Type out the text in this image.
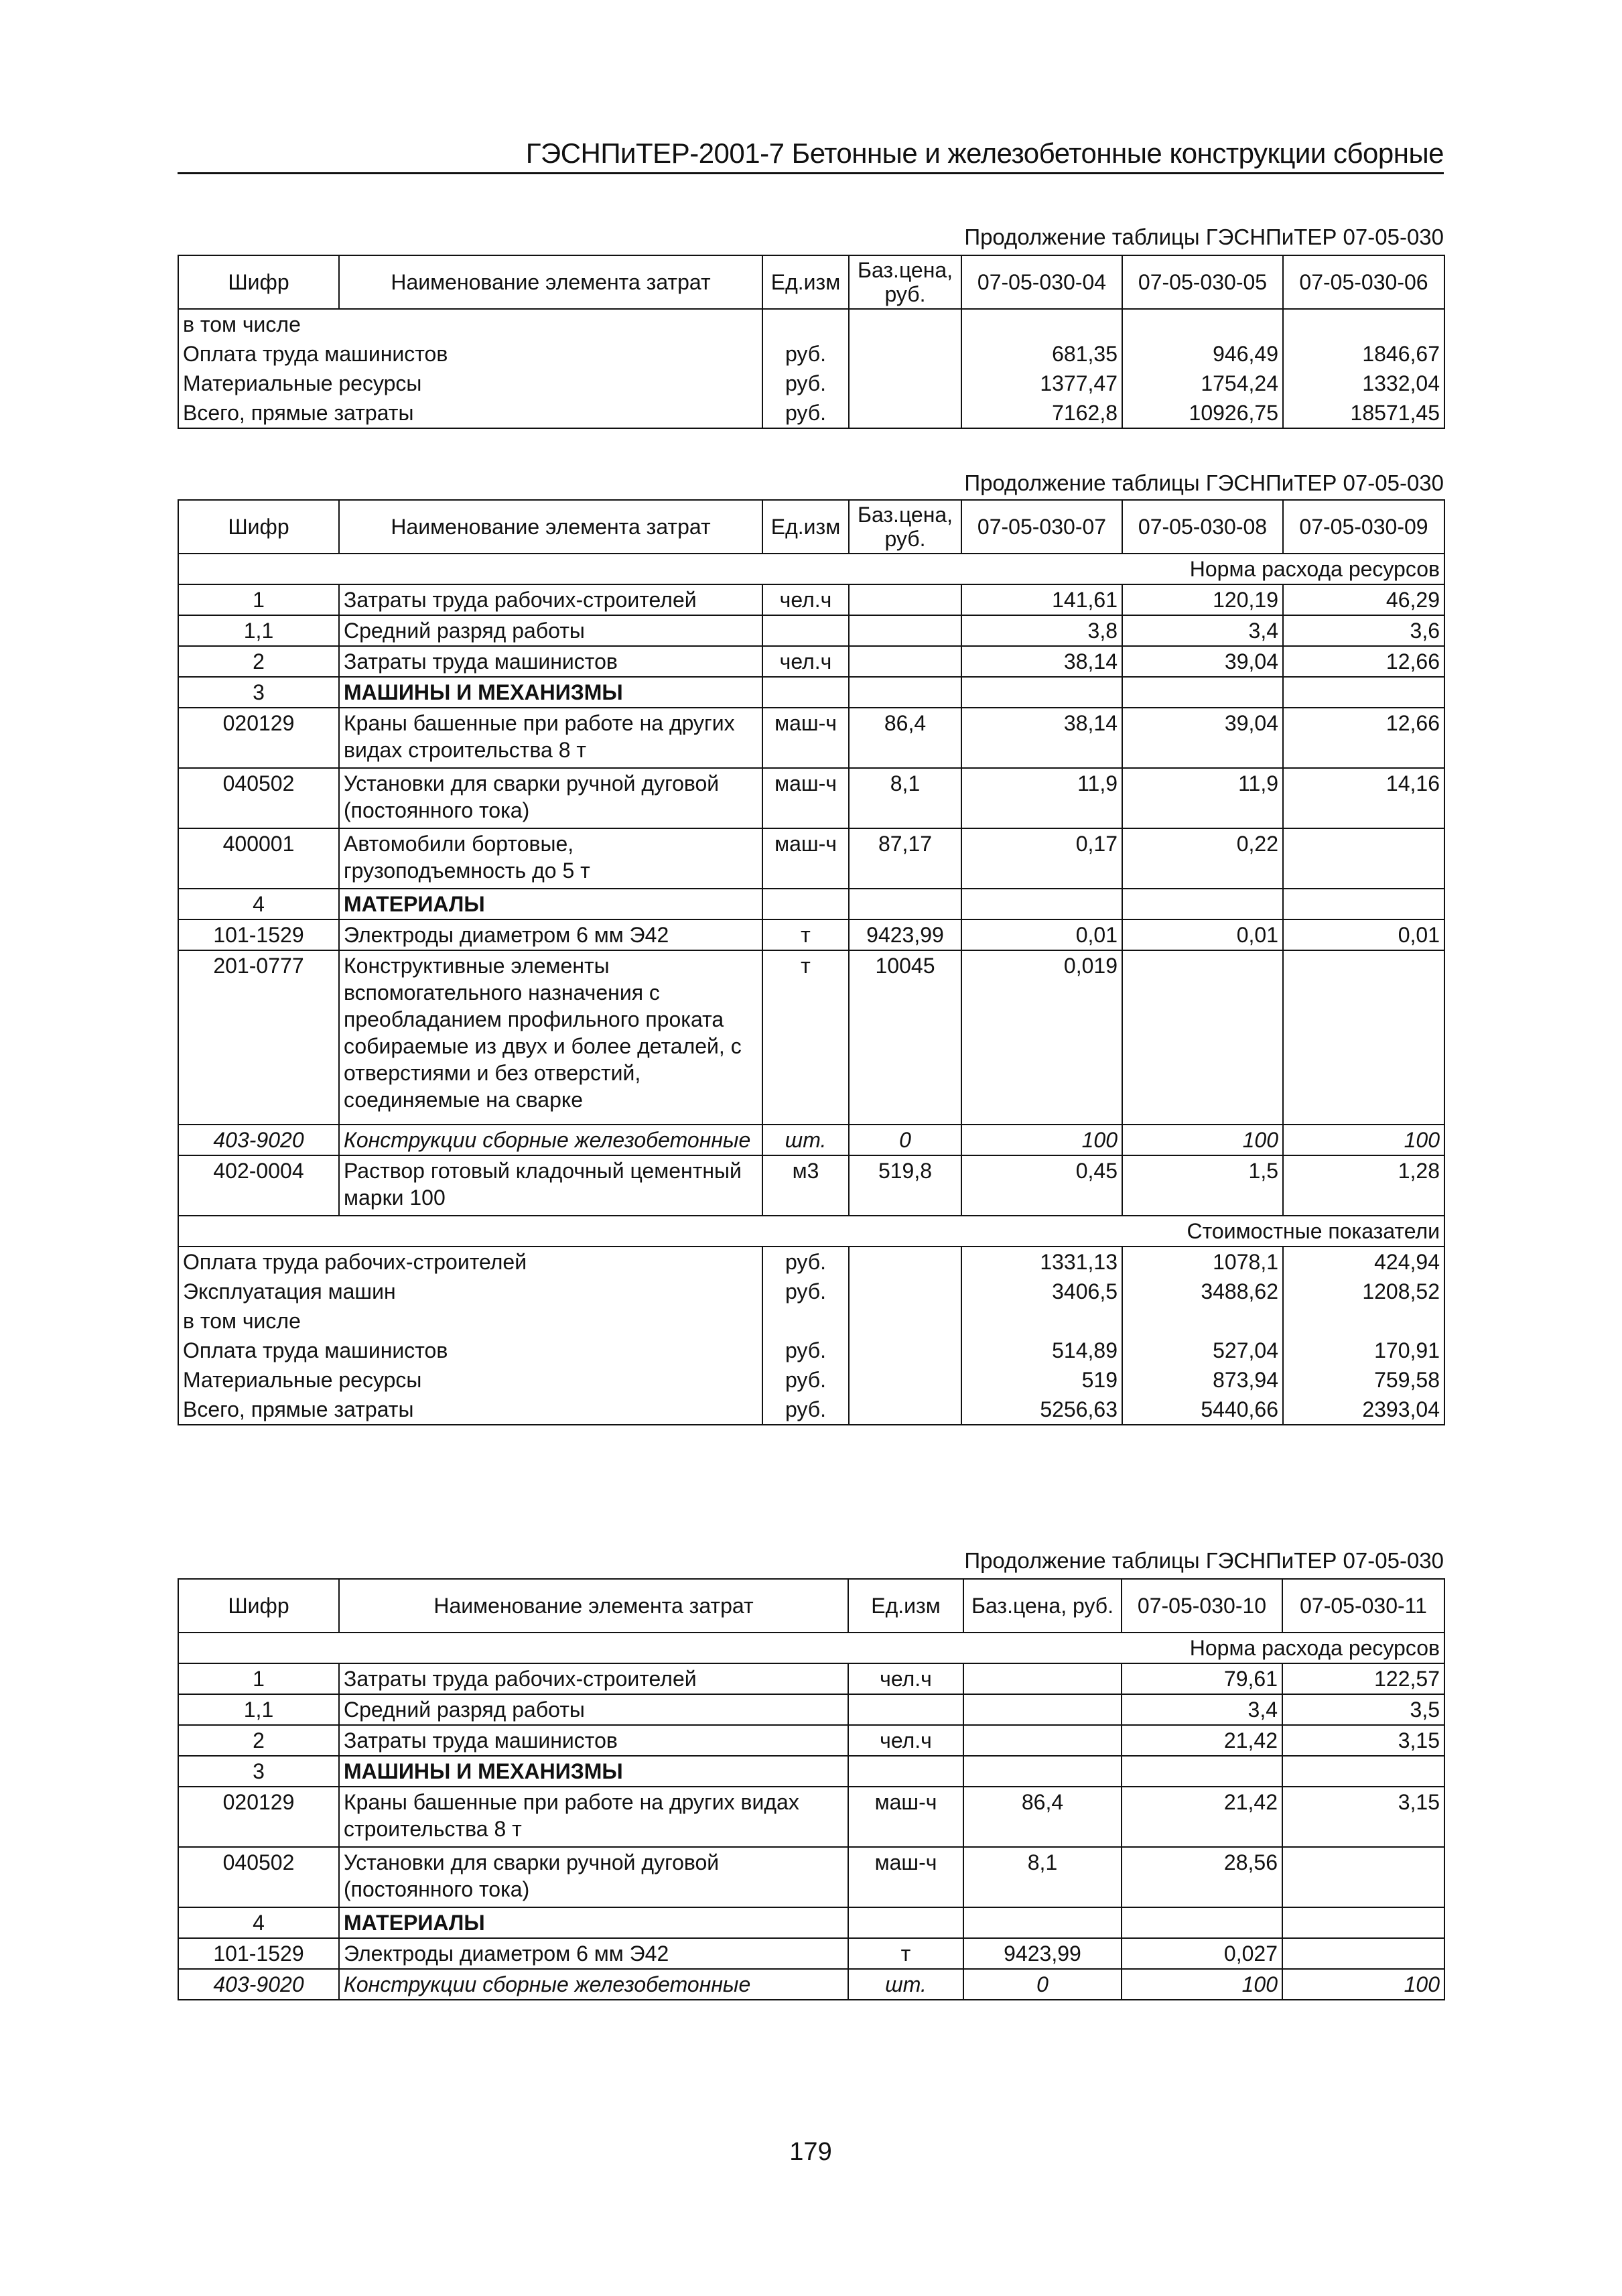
ГЭСНПиТЕР-2001-7 Бетонные и железобетонные конструкции сборные
Продолжение таблицы ГЭСНПиТЕР 07-05-030
Шифр	Наименование элемента затрат	Ед.изм	Баз.цена, руб.	07-05-030-04	07-05-030-05	07-05-030-06
в том числе						
Оплата труда машинистов		руб.		681,35	946,49	1846,67
Материальные ресурсы		руб.		1377,47	1754,24	1332,04
Всего, прямые затраты		руб.		7162,8	10926,75	18571,45
Продолжение таблицы ГЭСНПиТЕР 07-05-030
Шифр	Наименование элемента затрат	Ед.изм	Баз.цена, руб.	07-05-030-07	07-05-030-08	07-05-030-09
Норма расхода ресурсов						
1	Затраты труда рабочих-строителей	чел.ч		141,61	120,19	46,29
1,1	Средний разряд работы			3,8	3,4	3,6
2	Затраты труда машинистов	чел.ч		38,14	39,04	12,66
3	МАШИНЫ И МЕХАНИЗМЫ					
020129	Краны башенные при работе на других видах строительства 8 т	маш-ч	86,4	38,14	39,04	12,66
040502	Установки для сварки ручной дуговой (постоянного тока)	маш-ч	8,1	11,9	11,9	14,16
400001	Автомобили бортовые, грузоподъемность до 5 т	маш-ч	87,17	0,17	0,22	
4	МАТЕРИАЛЫ					
101-1529	Электроды диаметром 6 мм Э42	т	9423,99	0,01	0,01	0,01
201-0777	Конструктивные элементы вспомогательного назначения с преобладанием профильного проката собираемые из двух и более деталей, с отверстиями и без отверстий, соединяемые на сварке	т	10045	0,019		
403-9020	Конструкции сборные железобетонные	шт.	0	100	100	100
402-0004	Раствор готовый кладочный цементный марки 100	м3	519,8	0,45	1,5	1,28
Стоимостные показатели						
Оплата труда рабочих-строителей		руб.		1331,13	1078,1	424,94
Эксплуатация машин		руб.		3406,5	3488,62	1208,52
в том числе						
Оплата труда машинистов		руб.		514,89	527,04	170,91
Материальные ресурсы		руб.		519	873,94	759,58
Всего, прямые затраты		руб.		5256,63	5440,66	2393,04
Продолжение таблицы ГЭСНПиТЕР 07-05-030
Шифр	Наименование элемента затрат	Ед.изм	Баз.цена, руб.	07-05-030-10	07-05-030-11
Норма расхода ресурсов					
1	Затраты труда рабочих-строителей	чел.ч		79,61	122,57
1,1	Средний разряд работы			3,4	3,5
2	Затраты труда машинистов	чел.ч		21,42	3,15
3	МАШИНЫ И МЕХАНИЗМЫ				
020129	Краны башенные при работе на других видах строительства 8 т	маш-ч	86,4	21,42	3,15
040502	Установки для сварки ручной дуговой (постоянного тока)	маш-ч	8,1	28,56	
4	МАТЕРИАЛЫ				
101-1529	Электроды диаметром 6 мм Э42	т	9423,99	0,027	
403-9020	Конструкции сборные железобетонные	шт.	0	100	100
179
